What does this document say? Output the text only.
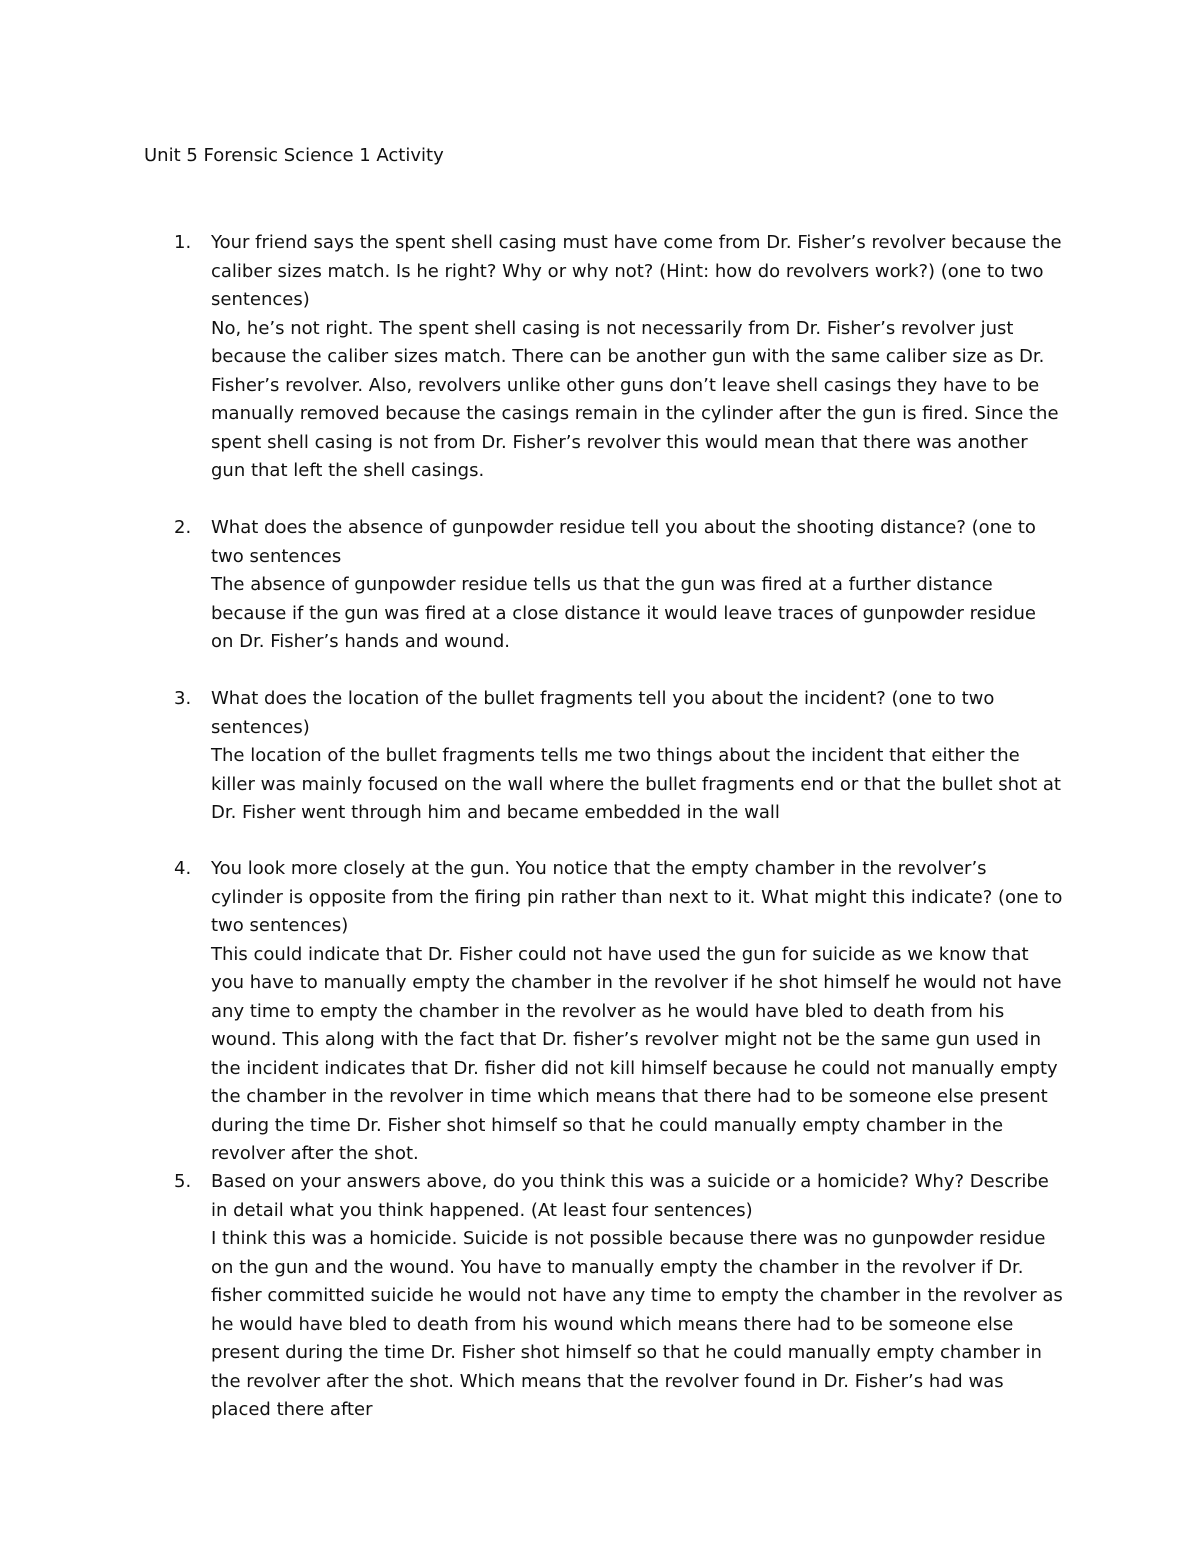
Unit 5 Forensic Science 1 Activity
1.	Your friend says the spent shell casing must have come from Dr. Fisher’s revolver because the caliber sizes match. Is he right? Why or why not? (Hint: how do revolvers work?) (one to two sentences)
No, he’s not right. The spent shell casing is not necessarily from Dr. Fisher’s revolver just because the caliber sizes match. There can be another gun with the same caliber size as Dr. Fisher’s revolver. Also, revolvers unlike other guns don’t leave shell casings they have to be manually removed because the casings remain in the cylinder after the gun is fired. Since the spent shell casing is not from Dr. Fisher’s revolver this would mean that there was another gun that left the shell casings.
2.	What does the absence of gunpowder residue tell you about the shooting distance? (one to two sentences
The absence of gunpowder residue tells us that the gun was fired at a further distance because if the gun was fired at a close distance it would leave traces of gunpowder residue on Dr. Fisher’s hands and wound.
3.	What does the location of the bullet fragments tell you about the incident? (one to two sentences)
The location of the bullet fragments tells me two things about the incident that either the killer was mainly focused on the wall where the bullet fragments end or that the bullet shot at Dr. Fisher went through him and became embedded in the wall
4.	You look more closely at the gun. You notice that the empty chamber in the revolver’s cylinder is opposite from the firing pin rather than next to it. What might this indicate? (one to two sentences)
This could indicate that Dr. Fisher could not have used the gun for suicide as we know that you have to manually empty the chamber in the revolver if he shot himself he would not have any time to empty the chamber in the revolver as he would have bled to death from his wound. This along with the fact that Dr. fisher’s revolver might not be the same gun used in the incident indicates that Dr. fisher did not kill himself because he could not manually empty the chamber in the revolver in time which means that there had to be someone else present during the time Dr. Fisher shot himself so that he could manually empty chamber in the revolver after the shot.
5.	Based on your answers above, do you think this was a suicide or a homicide? Why? Describe in detail what you think happened. (At least four sentences)
I think this was a homicide. Suicide is not possible because there was no gunpowder residue on the gun and the wound. You have to manually empty the chamber in the revolver if Dr. fisher committed suicide he would not have any time to empty the chamber in the revolver as he would have bled to death from his wound which means there had to be someone else present during the time Dr. Fisher shot himself so that he could manually empty chamber in the revolver after the shot. Which means that the revolver found in Dr. Fisher’s had was placed there after
